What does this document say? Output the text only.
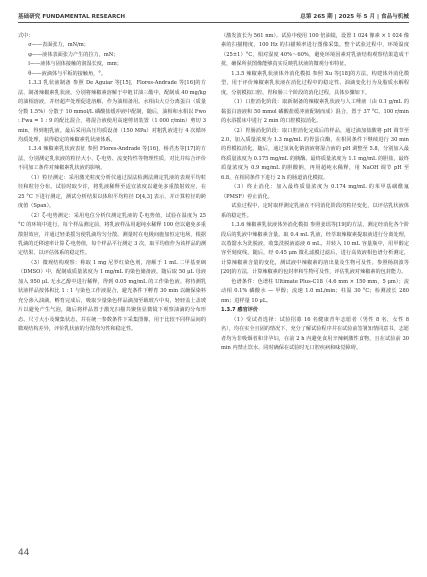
基础研究 FUNDAMENTAL RESEARCH	总第 265 期 | 2025 年 5 月 | 食品与机械
式中：
σ——表面张力，mN/m；
φ——液体表面张力产生的拉力，mN；
l——液体与固体接触的润湿长度，mm；
θ——液滴体与平板的接触角，°。
1.3.3 乳状液制备 参照 De Aguiar 等[15]，Flores-Andrade 等[16]的方法，制备辣椒素乳状液。分别将辣椒素溶解于中链甘油三酯中，配制成 40 mg/kg 的油相溶液，并经超声处理促进溶解，作为油相备用。水相由大豆分离蛋白（质量分数 1.5%）分散于 10 mmol/L 磷酸盐缓冲液中配制，随后，油相和水相以 Fwo : Fwa = 1 : 9 的配比混合，将混合液使用高速剪切装置（1 000 r/min）剪切 3 min，得到粗乳液。最后采用高压均质设备（150 MPa）对粗乳液进行 4 次循环均质处理，获得稳定的辣椒素乳状液体系。
1.3.4 辣椒素乳状液表征 参照 Flores-Andrade 等[16]，杨君杰等[17]的方法，分别测定乳状液的粒径大小、ζ-电势、流变特性等物理性质，对比并综合评价不同加工条件对辣椒素乳状液的影响。
（1）粒径测定：采用激光粒度分析仪通过湿法检测法测定乳液的表观平均粒径和粒径分布。试验时取少许，将乳液稀释至适宜浓度以避免多重散射效应，在 25 °C 下进行测定，测试分析结果以体积平均粒径 D[4,3] 表示，并计算粒径的跨度值（Span）。
（2）ζ-电势测定：采用电位分析仪测定乳液的 ζ-电势值，试验在温度为 25 °C 的环境中进行。每个样品测定前，将乳液样品用超纯水稀释 100 倍以避免多重散射效应，并通过轻柔摇匀使乳滴均匀分散。测量时在电极间施加恒定电场，根据乳滴的迁移速率计算 ζ-电势值，每个样品平行测定 3 次，取平均值作为该样品的测定结果，以评估体系的稳定性。
（3）微观结构观察：称取 1 mg 尼罗红染色剂，溶解于 1 mL 二甲基亚砜（DMSO）中，配制成质量浓度为 1 mg/mL 的染色储备液。随后取 50 μL 母液加入 950 μL 无水乙醇中进行稀释，得到 0.05 mg/mL 的工作染色液。将待测乳状液样品按体积比 1 : 1 与染色工作液混合，避光条件下孵育 30 min 以确保染料充分渗入油滴。孵育完成后，吸取少量染色样品滴加至载玻片中央，轻轻盖上盖玻片以避免产生气泡，随后将样品置于激光扫描共聚焦显微镜下观察油滴的分布形态、尺寸大小及聚集状态，并在统一参数条件下采集图像，用于比较不同样品间的微观结构差异，评价乳状液的分散均匀性和稳定性。
（激发波长为 561 nm）。试验中使用 100 倍油镜，设置 1 024 像素 × 1 024 像素的扫描精度，100 Hz 的扫描频率进行图像采集。整个试验过程中，环境温度（25±1）°C，相对湿度 40%～60%，避免环境因素对乳液结构观察结果造成干扰，确保所获图像能够真实反映乳状液的微观分布特征。
1.3.5 辣椒素乳状液体外消化模拟 参照 Xu 等[18]的方法，构建体外消化模型，用于评价辣椒素乳状液在消化过程中的稳定性、油滴变化行为及脂质水解程度，分别模拟口腔、胃和肠三个阶段的消化过程，具体步骤如下。
（1）口腔消化阶段：取新制备的辣椒素乳状液与人工唾液（由 0.1 g/mL 的黏蛋白溶液和 50 mmol 磷酸盐缓冲液配制而成）混合，置于 37 °C、100 r/min 的水浴摇床中进行 2 min 的口腔模拟消化。
（2）胃肠消化阶段：取口腔消化完成后的样品，通过滴加盐酸将 pH 调节至 2.0，加入质量浓度为 1.3 mg/mL 的胃蛋白酶，在相同条件下继续进行 30 min 的胃模拟消化。随后，通过氢氧化钠溶液将混合液的 pH 调整至 5.8，分别加入最终质量浓度为 0.175 mg/mL 的胰酶、最终质量浓度为 1.1 mg/mL 的胆盐，最终质量浓度为 0.9 mg/mL 的胆酸钠，再用超纯水稀释，用 NaOH 调节 pH 至 6.8，在相同条件下进行 2 h 的肠道消化模拟。
（3）终止消化：加入最终质量浓度为 0.174 mg/mL 的苯甲基磺酰氟（PMSF）停止消化。
试验过程中，定时取样测定乳液在不同消化阶段的粒径变化，以评估乳状液体系的稳定性。
1.3.6 辣椒素乳状液体外消化模拟 参照姜瑶等[19]的方法，测定经消化各个阶段后的乳液中辣椒素含量。取 0.4 mL 乳液，经萃取辣椒素提取液进行分离处理，以蒸馏水为洗脱液，收集洗脱液滤液 6 mL，并转入 10 mL 容量瓶中，用甲醇定容至刻度线。随后，经 0.45 μm 微孔滤膜过滤后，进行高效液相色谱分析测定，计算辣椒素含量的变化，测试液中辣椒素的溶出量及生物可及性。参照杨润波等[20]的方法，计算辣椒素的包封率和生物可及性，评估乳液对辣椒素的包封能力。
色谱条件：色谱柱 Ultimate Plus-C18（4.6 mm × 150 mm，5 μm）；流动相 0.1% 磷酸水 — 甲醇；流速 1.0 mL/min；柱温 30 °C；检测波长 280 nm；进样量 10 μL。
1.3.7 感官评价
（1）受试者选择：试验招募 16 名健康青年志愿者（男性 8 名，女性 8 名），均在实全且固的情况下，充分了解试验程序并在试验前签署知情同意书。志愿者均为非吸烟者和非孕妇，在前 2 h 内避免食用辛辣刺激性食物，且在试验前 30 min 内禁止饮水，同时确保在试验时无口腔疾病和味觉障碍。
44
